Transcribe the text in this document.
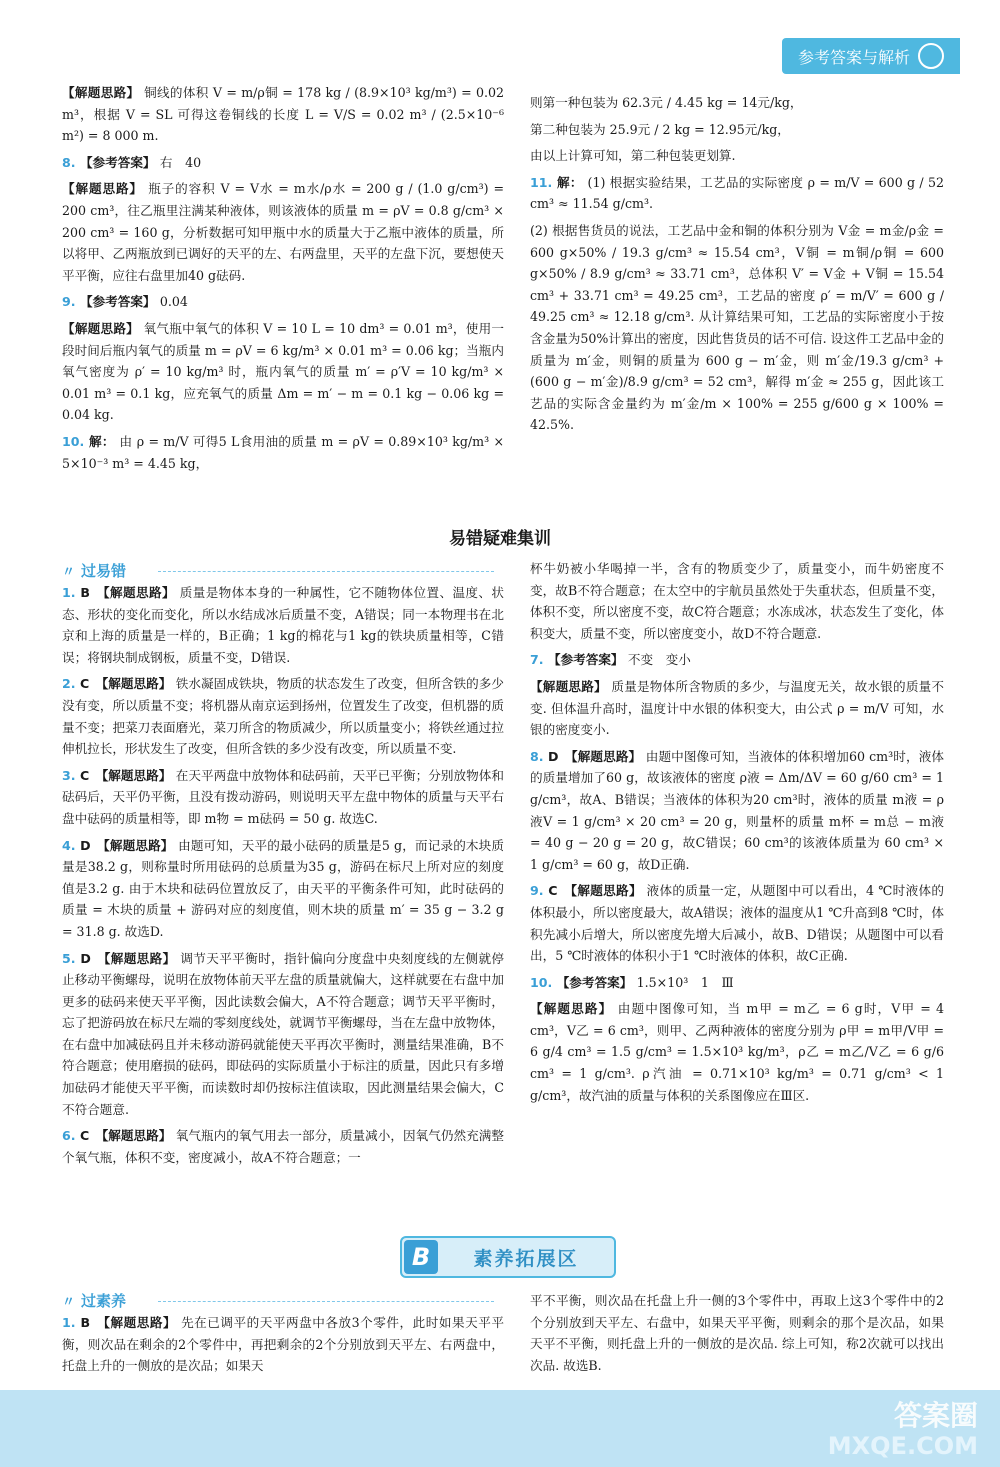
参考答案与解析

【解题思路】 铜线的体积 V = m/ρ铜 = 178 kg / (8.9×10³ kg/m³) = 0.02 m³，根据 V = SL 可得这卷铜线的长度 L = V/S = 0.02 m³ / (2.5×10⁻⁶ m²) = 8 000 m.

8. 【参考答案】 右　40

【解题思路】 瓶子的容积 V = V水 = m水/ρ水 = 200 g / (1.0 g/cm³) = 200 cm³，往乙瓶里注满某种液体，则该液体的质量 m = ρV = 0.8 g/cm³ × 200 cm³ = 160 g，分析数据可知甲瓶中水的质量大于乙瓶中液体的质量，所以将甲、乙两瓶放到已调好的天平的左、右两盘里，天平的左盘下沉，要想使天平平衡，应往右盘里加40 g砝码.

9. 【参考答案】 0.04

【解题思路】 氧气瓶中氧气的体积 V = 10 L = 10 dm³ = 0.01 m³，使用一段时间后瓶内氧气的质量 m = ρV = 6 kg/m³ × 0.01 m³ = 0.06 kg；当瓶内氧气密度为 ρ′ = 10 kg/m³ 时，瓶内氧气的质量 m′ = ρ′V = 10 kg/m³ × 0.01 m³ = 0.1 kg，应充氧气的质量 Δm = m′ − m = 0.1 kg − 0.06 kg = 0.04 kg.

10. 解： 由 ρ = m/V 可得5 L食用油的质量 m = ρV = 0.89×10³ kg/m³ × 5×10⁻³ m³ = 4.45 kg，

则第一种包装为 62.3元 / 4.45 kg = 14元/kg，

第二种包装为 25.9元 / 2 kg = 12.95元/kg，

由以上计算可知，第二种包装更划算.

11. 解： (1) 根据实验结果，工艺品的实际密度 ρ = m/V = 600 g / 52 cm³ ≈ 11.54 g/cm³.

(2) 根据售货员的说法，工艺品中金和铜的体积分别为 V金 = m金/ρ金 = 600 g×50% / 19.3 g/cm³ ≈ 15.54 cm³，V铜 = m铜/ρ铜 = 600 g×50% / 8.9 g/cm³ ≈ 33.71 cm³，总体积 V′ = V金 + V铜 = 15.54 cm³ + 33.71 cm³ = 49.25 cm³，工艺品的密度 ρ′ = m/V′ = 600 g / 49.25 cm³ ≈ 12.18 g/cm³. 从计算结果可知，工艺品的实际密度小于按含金量为50%计算出的密度，因此售货员的话不可信. 设这件工艺品中金的质量为 m′金，则铜的质量为 600 g − m′金，则 m′金/19.3 g/cm³ + (600 g − m′金)/8.9 g/cm³ = 52 cm³，解得 m′金 ≈ 255 g，因此该工艺品的实际含金量约为 m′金/m × 100% = 255 g/600 g × 100% = 42.5%.

易错疑难集训
〃 过易错

1. B　【解题思路】 质量是物体本身的一种属性，它不随物体位置、温度、状态、形状的变化而变化，所以水结成冰后质量不变，A错误；同一本物理书在北京和上海的质量是一样的，B正确；1 kg的棉花与1 kg的铁块质量相等，C错误；将钢块制成钢板，质量不变，D错误.

2. C　【解题思路】 铁水凝固成铁块，物质的状态发生了改变，但所含铁的多少没有变，所以质量不变；将机器从南京运到扬州，位置发生了改变，但机器的质量不变；把菜刀表面磨光，菜刀所含的物质减少，所以质量变小；将铁丝通过拉伸机拉长，形状发生了改变，但所含铁的多少没有改变，所以质量不变.

3. C　【解题思路】 在天平两盘中放物体和砝码前，天平已平衡；分别放物体和砝码后，天平仍平衡，且没有拨动游码，则说明天平左盘中物体的质量与天平右盘中砝码的质量相等，即 m物 = m砝码 = 50 g. 故选C.

4. D　【解题思路】 由题可知，天平的最小砝码的质量是5 g，而记录的木块质量是38.2 g，则称量时所用砝码的总质量为35 g，游码在标尺上所对应的刻度值是3.2 g. 由于木块和砝码位置放反了，由天平的平衡条件可知，此时砝码的质量 = 木块的质量 + 游码对应的刻度值，则木块的质量 m′ = 35 g − 3.2 g = 31.8 g. 故选D.

5. D　【解题思路】 调节天平平衡时，指针偏向分度盘中央刻度线的左侧就停止移动平衡螺母，说明在放物体前天平左盘的质量就偏大，这样就要在右盘中加更多的砝码来使天平平衡，因此读数会偏大，A不符合题意；调节天平平衡时，忘了把游码放在标尺左端的零刻度线处，就调节平衡螺母，当在左盘中放物体，在右盘中加减砝码且并未移动游码就能使天平再次平衡时，测量结果准确，B不符合题意；使用磨损的砝码，即砝码的实际质量小于标注的质量，因此只有多增加砝码才能使天平平衡，而读数时却仍按标注值读取，因此测量结果会偏大，C不符合题意.

6. C　【解题思路】 氧气瓶内的氧气用去一部分，质量减小，因氧气仍然充满整个氧气瓶，体积不变，密度减小，故A不符合题意；一

杯牛奶被小华喝掉一半，含有的物质变少了，质量变小，而牛奶密度不变，故B不符合题意；在太空中的宇航员虽然处于失重状态，但质量不变，体积不变，所以密度不变，故C符合题意；水冻成冰，状态发生了变化，体积变大，质量不变，所以密度变小，故D不符合题意.

7. 【参考答案】 不变　变小

【解题思路】 质量是物体所含物质的多少，与温度无关，故水银的质量不变. 但体温升高时，温度计中水银的体积变大，由公式 ρ = m/V 可知，水银的密度变小.

8. D　【解题思路】 由题中图像可知，当液体的体积增加60 cm³时，液体的质量增加了60 g，故该液体的密度 ρ液 = Δm/ΔV = 60 g/60 cm³ = 1 g/cm³，故A、B错误；当液体的体积为20 cm³时，液体的质量 m液 = ρ液V = 1 g/cm³ × 20 cm³ = 20 g，则量杯的质量 m杯 = m总 − m液 = 40 g − 20 g = 20 g，故C错误；60 cm³的该液体质量为 60 cm³ × 1 g/cm³ = 60 g，故D正确.

9. C　【解题思路】 液体的质量一定，从题图中可以看出，4 ℃时液体的体积最小，所以密度最大，故A错误；液体的温度从1 ℃升高到8 ℃时，体积先减小后增大，所以密度先增大后减小，故B、D错误；从题图中可以看出，5 ℃时液体的体积小于1 ℃时液体的体积，故C正确.

10. 【参考答案】 1.5×10³　1　Ⅲ

【解题思路】 由题中图像可知，当 m甲 = m乙 = 6 g时，V甲 = 4 cm³，V乙 = 6 cm³，则甲、乙两种液体的密度分别为 ρ甲 = m甲/V甲 = 6 g/4 cm³ = 1.5 g/cm³ = 1.5×10³ kg/m³，ρ乙 = m乙/V乙 = 6 g/6 cm³ = 1 g/cm³. ρ汽油 = 0.71×10³ kg/m³ = 0.71 g/cm³ < 1 g/cm³，故汽油的质量与体积的关系图像应在Ⅲ区.

B	素养拓展区
〃 过素养

1. B　【解题思路】 先在已调平的天平两盘中各放3个零件，此时如果天平平衡，则次品在剩余的2个零件中，再把剩余的2个分别放到天平左、右两盘中，托盘上升的一侧放的是次品；如果天

平不平衡，则次品在托盘上升一侧的3个零件中，再取上这3个零件中的2个分别放到天平左、右盘中，如果天平平衡，则剩余的那个是次品，如果天平不平衡，则托盘上升的一侧放的是次品. 综上可知，称2次就可以找出次品. 故选B.

答案圈
MXQE.COM
